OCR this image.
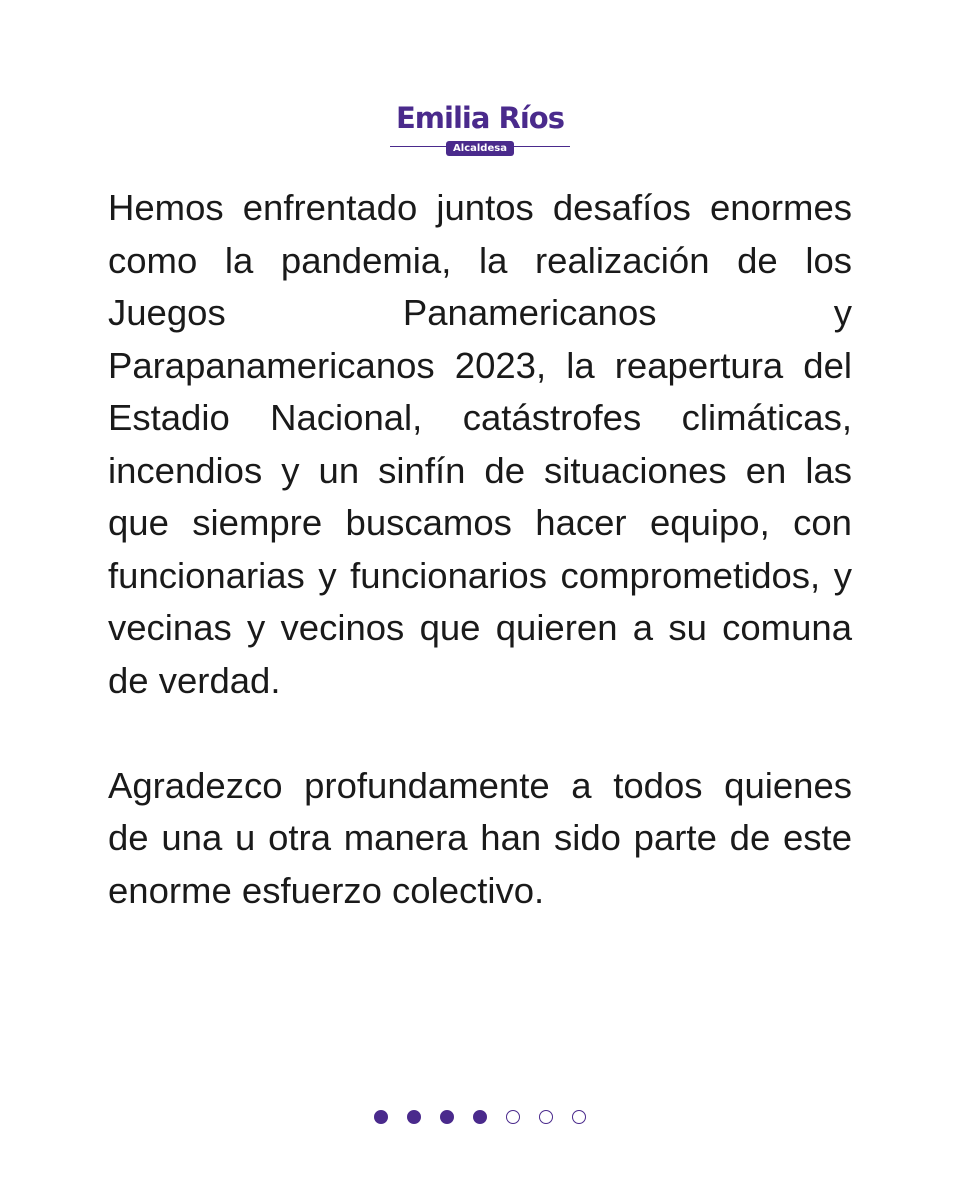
Emilia Ríos
Alcaldesa

Hemos enfrentado juntos desafíos enormes como la pandemia, la realización de los Juegos Panamericanos y Parapanamericanos 2023, la reapertura del Estadio Nacional, catástrofes climáticas, incendios y un sinfín de situaciones en las que siempre buscamos hacer equipo, con funcionarias y funcionarios comprometidos, y vecinas y vecinos que quieren a su comuna de verdad.

Agradezco profundamente a todos quienes de una u otra manera han sido parte de este enorme esfuerzo colectivo.
